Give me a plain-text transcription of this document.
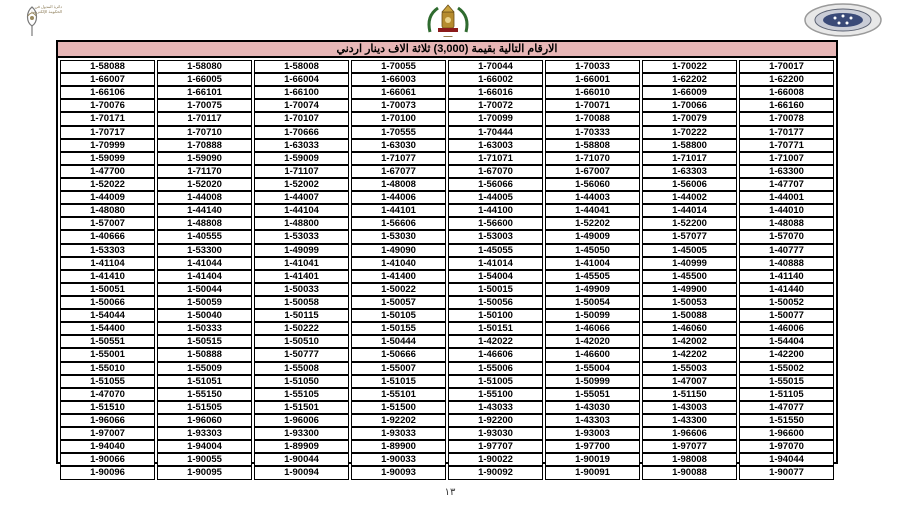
دائرة المدول في
الحكومة الإلكترونية
▬▬▬
الارقام التالية بقيمة (3,000) ثلاثة الاف دينار اردني
1-58088	1-58080	1-58008	1-70055	1-70044	1-70033	1-70022	1-70017
1-66007	1-66005	1-66004	1-66003	1-66002	1-66001	1-62202	1-62200
1-66106	1-66101	1-66100	1-66061	1-66016	1-66010	1-66009	1-66008
1-70076	1-70075	1-70074	1-70073	1-70072	1-70071	1-70066	1-66160
1-70171	1-70117	1-70107	1-70100	1-70099	1-70088	1-70079	1-70078
1-70717	1-70710	1-70666	1-70555	1-70444	1-70333	1-70222	1-70177
1-70999	1-70888	1-63033	1-63030	1-63003	1-58808	1-58800	1-70771
1-59099	1-59090	1-59009	1-71077	1-71071	1-71070	1-71017	1-71007
1-47700	1-71170	1-71107	1-67077	1-67070	1-67007	1-63303	1-63300
1-52022	1-52020	1-52002	1-48008	1-56066	1-56060	1-56006	1-47707
1-44009	1-44008	1-44007	1-44006	1-44005	1-44003	1-44002	1-44001
1-48080	1-44140	1-44104	1-44101	1-44100	1-44041	1-44014	1-44010
1-57007	1-48808	1-48800	1-56606	1-56600	1-52202	1-52200	1-48088
1-40666	1-40555	1-53033	1-53030	1-53003	1-49009	1-57077	1-57070
1-53303	1-53300	1-49099	1-49090	1-45055	1-45050	1-45005	1-40777
1-41104	1-41044	1-41041	1-41040	1-41014	1-41004	1-40999	1-40888
1-41410	1-41404	1-41401	1-41400	1-54004	1-45505	1-45500	1-41140
1-50051	1-50044	1-50033	1-50022	1-50015	1-49909	1-49900	1-41440
1-50066	1-50059	1-50058	1-50057	1-50056	1-50054	1-50053	1-50052
1-54044	1-50040	1-50115	1-50105	1-50100	1-50099	1-50088	1-50077
1-54400	1-50333	1-50222	1-50155	1-50151	1-46066	1-46060	1-46006
1-50551	1-50515	1-50510	1-50444	1-42022	1-42020	1-42002	1-54404
1-55001	1-50888	1-50777	1-50666	1-46606	1-46600	1-42202	1-42200
1-55010	1-55009	1-55008	1-55007	1-55006	1-55004	1-55003	1-55002
1-51055	1-51051	1-51050	1-51015	1-51005	1-50999	1-47007	1-55015
1-47070	1-55150	1-55105	1-55101	1-55100	1-55051	1-51150	1-51105
1-51510	1-51505	1-51501	1-51500	1-43033	1-43030	1-43003	1-47077
1-96066	1-96060	1-96006	1-92202	1-92200	1-43303	1-43300	1-51550
1-97007	1-93303	1-93300	1-93033	1-93030	1-93003	1-96606	1-96600
1-94040	1-94004	1-89909	1-89900	1-97707	1-97700	1-97077	1-97070
1-90066	1-90055	1-90044	1-90033	1-90022	1-90019	1-98008	1-94044
1-90096	1-90095	1-90094	1-90093	1-90092	1-90091	1-90088	1-90077
١٣
